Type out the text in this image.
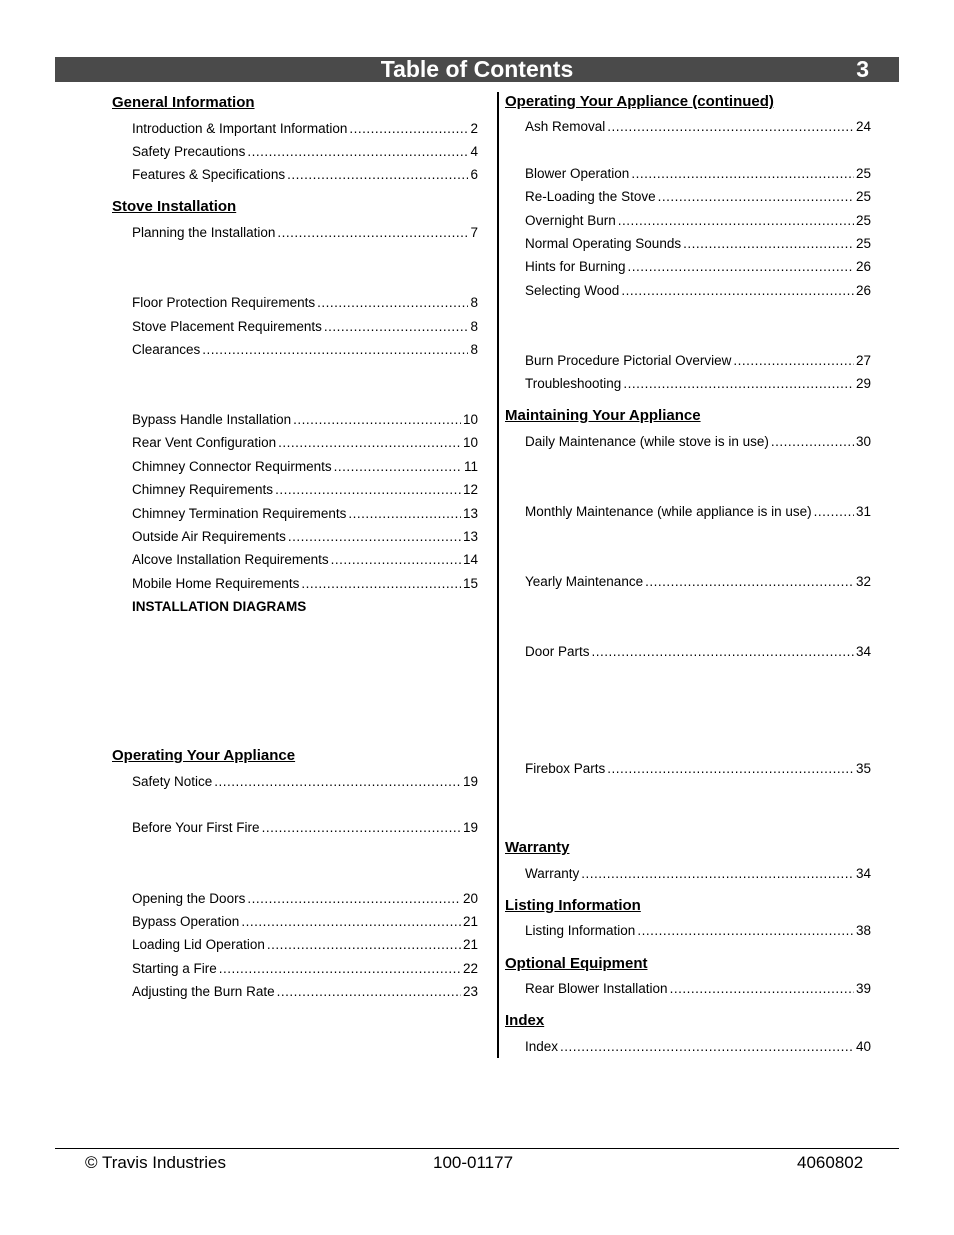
Table of Contents	3
General Information
Introduction & Important Information .....	2
Safety Precautions .....	4
Features & Specifications .....	6
Stove Installation
Planning the Installation .....	7
Floor Protection Requirements .....	8
Stove Placement Requirements .....	8
Clearances .....	8
Bypass Handle Installation .....	10
Rear Vent Configuration .....	10
Chimney Connector Requirments .....	11
Chimney Requirements .....	12
Chimney Termination Requirements .....	13
Outside Air Requirements .....	13
Alcove Installation Requirements .....	14
Mobile Home Requirements .....	15
INSTALLATION DIAGRAMS
Operating Your Appliance
Safety Notice .....	19
Before Your First Fire .....	19
Opening the Doors .....	20
Bypass Operation .....	21
Loading Lid Operation .....	21
Starting a Fire .....	22
Adjusting the Burn Rate .....	23
Operating Your Appliance (continued)
Ash Removal .....	24
Blower Operation .....	25
Re-Loading the Stove .....	25
Overnight Burn .....	25
Normal Operating Sounds .....	25
Hints for Burning .....	26
Selecting Wood .....	26
Burn Procedure Pictorial Overview .....	27
Troubleshooting .....	29
Maintaining Your Appliance
Daily Maintenance (while stove is in use) .....	30
Monthly Maintenance (while appliance is in use) .....	31
Yearly Maintenance .....	32
Door Parts .....	34
Firebox Parts .....	35
Warranty
Warranty .....	34
Listing Information
Listing Information .....	38
Optional Equipment
Rear Blower Installation .....	39
Index
Index .....	40
© Travis Industries	100-01177	4060802
